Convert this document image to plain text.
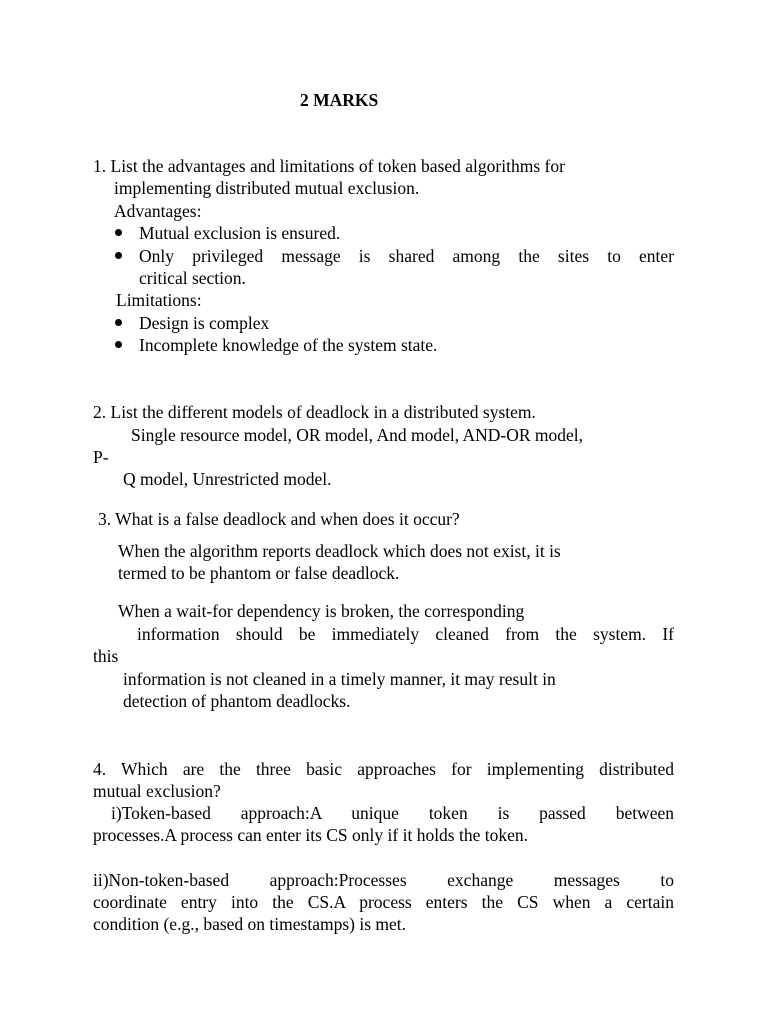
2 MARKS
1. List the advantages and limitations of token based algorithms for
implementing distributed mutual exclusion.
Advantages:
Mutual exclusion is ensured.
Only privileged message is shared among the sites to enter
critical section.
Limitations:
Design is complex
Incomplete knowledge of the system state.
2. List the different models of deadlock in a distributed system.
Single resource model, OR model, And model, AND-OR model,
P-
Q model, Unrestricted model.
3. What is a false deadlock and when does it occur?
When the algorithm reports deadlock which does not exist, it is
termed to be phantom or false deadlock.
When a wait-for dependency is broken, the corresponding
information should be immediately cleaned from the system. If
this
information is not cleaned in a timely manner, it may result in
detection of phantom deadlocks.
4. Which are the three basic approaches for implementing distributed
mutual exclusion?
i)Token-based approach:A unique token is passed between
processes.A process can enter its CS only if it holds the token.
ii)Non-token-based approach:Processes exchange messages to
coordinate entry into the CS.A process enters the CS when a certain
condition (e.g., based on timestamps) is met.
